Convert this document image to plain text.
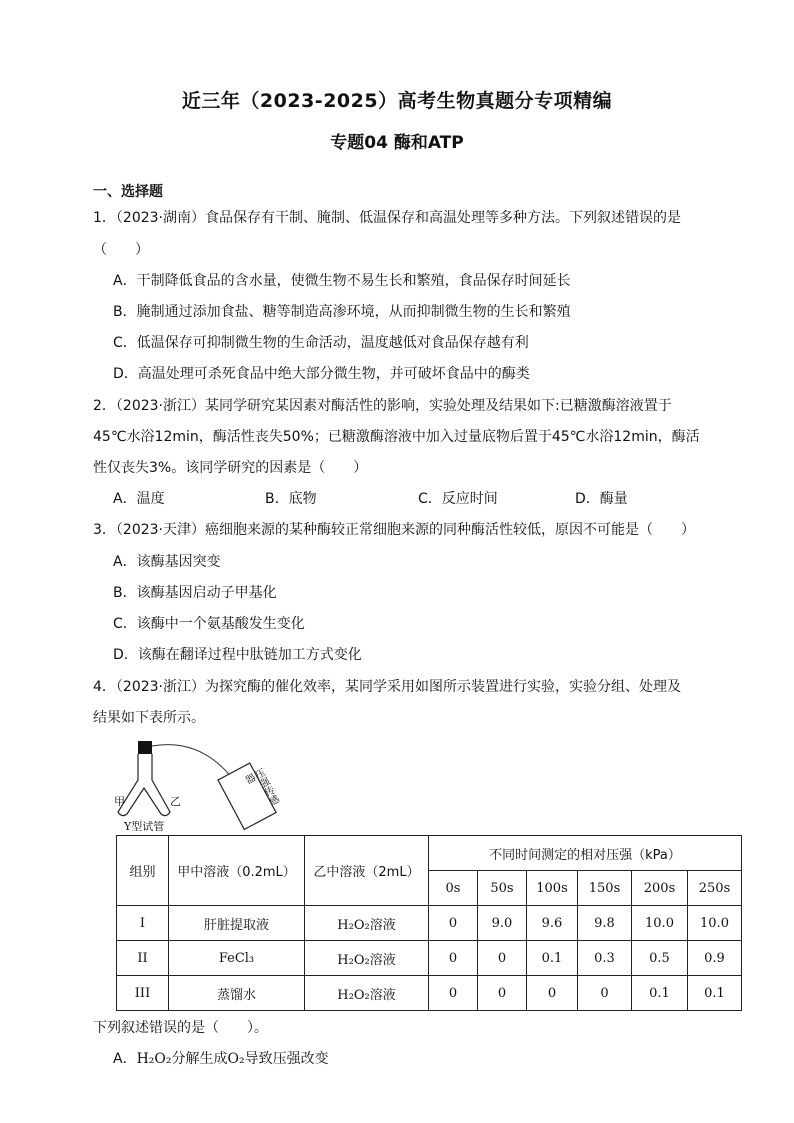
近三年（2023-2025）高考生物真题分专项精编
专题04 酶和ATP
一、选择题
1．（2023·湖南）食品保存有干制、腌制、低温保存和高温处理等多种方法。下列叙述错误的是
（　　）
A．干制降低食品的含水量，使微生物不易生长和繁殖，食品保存时间延长
B．腌制通过添加食盐、糖等制造高渗环境，从而抑制微生物的生长和繁殖
C．低温保存可抑制微生物的生命活动，温度越低对食品保存越有利
D．高温处理可杀死食品中绝大部分微生物，并可破坏食品中的酶类
2．（2023·浙江）某同学研究某因素对酶活性的影响，实验处理及结果如下:已糖激酶溶液置于
45℃水浴12min，酶活性丧失50%；已糖激酶溶液中加入过量底物后置于45℃水浴12min，酶活
性仅丧失3%。该同学研究的因素是（　　）
A．温度	B．底物	C．反应时间	D．酶量
3．（2023·天津）癌细胞来源的某种酶较正常细胞来源的同种酶活性较低，原因不可能是（　　）
A．该酶基因突变
B．该酶基因启动子甲基化
C．该酶中一个氨基酸发生变化
D．该酶在翻译过程中肽链加工方式变化
4．（2023·浙江）为探究酶的催化效率，某同学采用如图所示装置进行实验，实验分组、处理及
结果如下表所示。
压强传感器
甲	乙
Y型试管
组别	甲中溶液（0.2mL）	乙中溶液（2mL）	不同时间测定的相对压强（kPa）					
			0s	50s	100s	150s	200s	250s
I	肝脏提取液	H₂O₂溶液	0	9.0	9.6	9.8	10.0	10.0
II	FeCl₃	H₂O₂溶液	0	0	0.1	0.3	0.5	0.9
III	蒸馏水	H₂O₂溶液	0	0	0	0	0.1	0.1
下列叙述错误的是（　　）。
A．H₂O₂分解生成O₂导致压强改变
